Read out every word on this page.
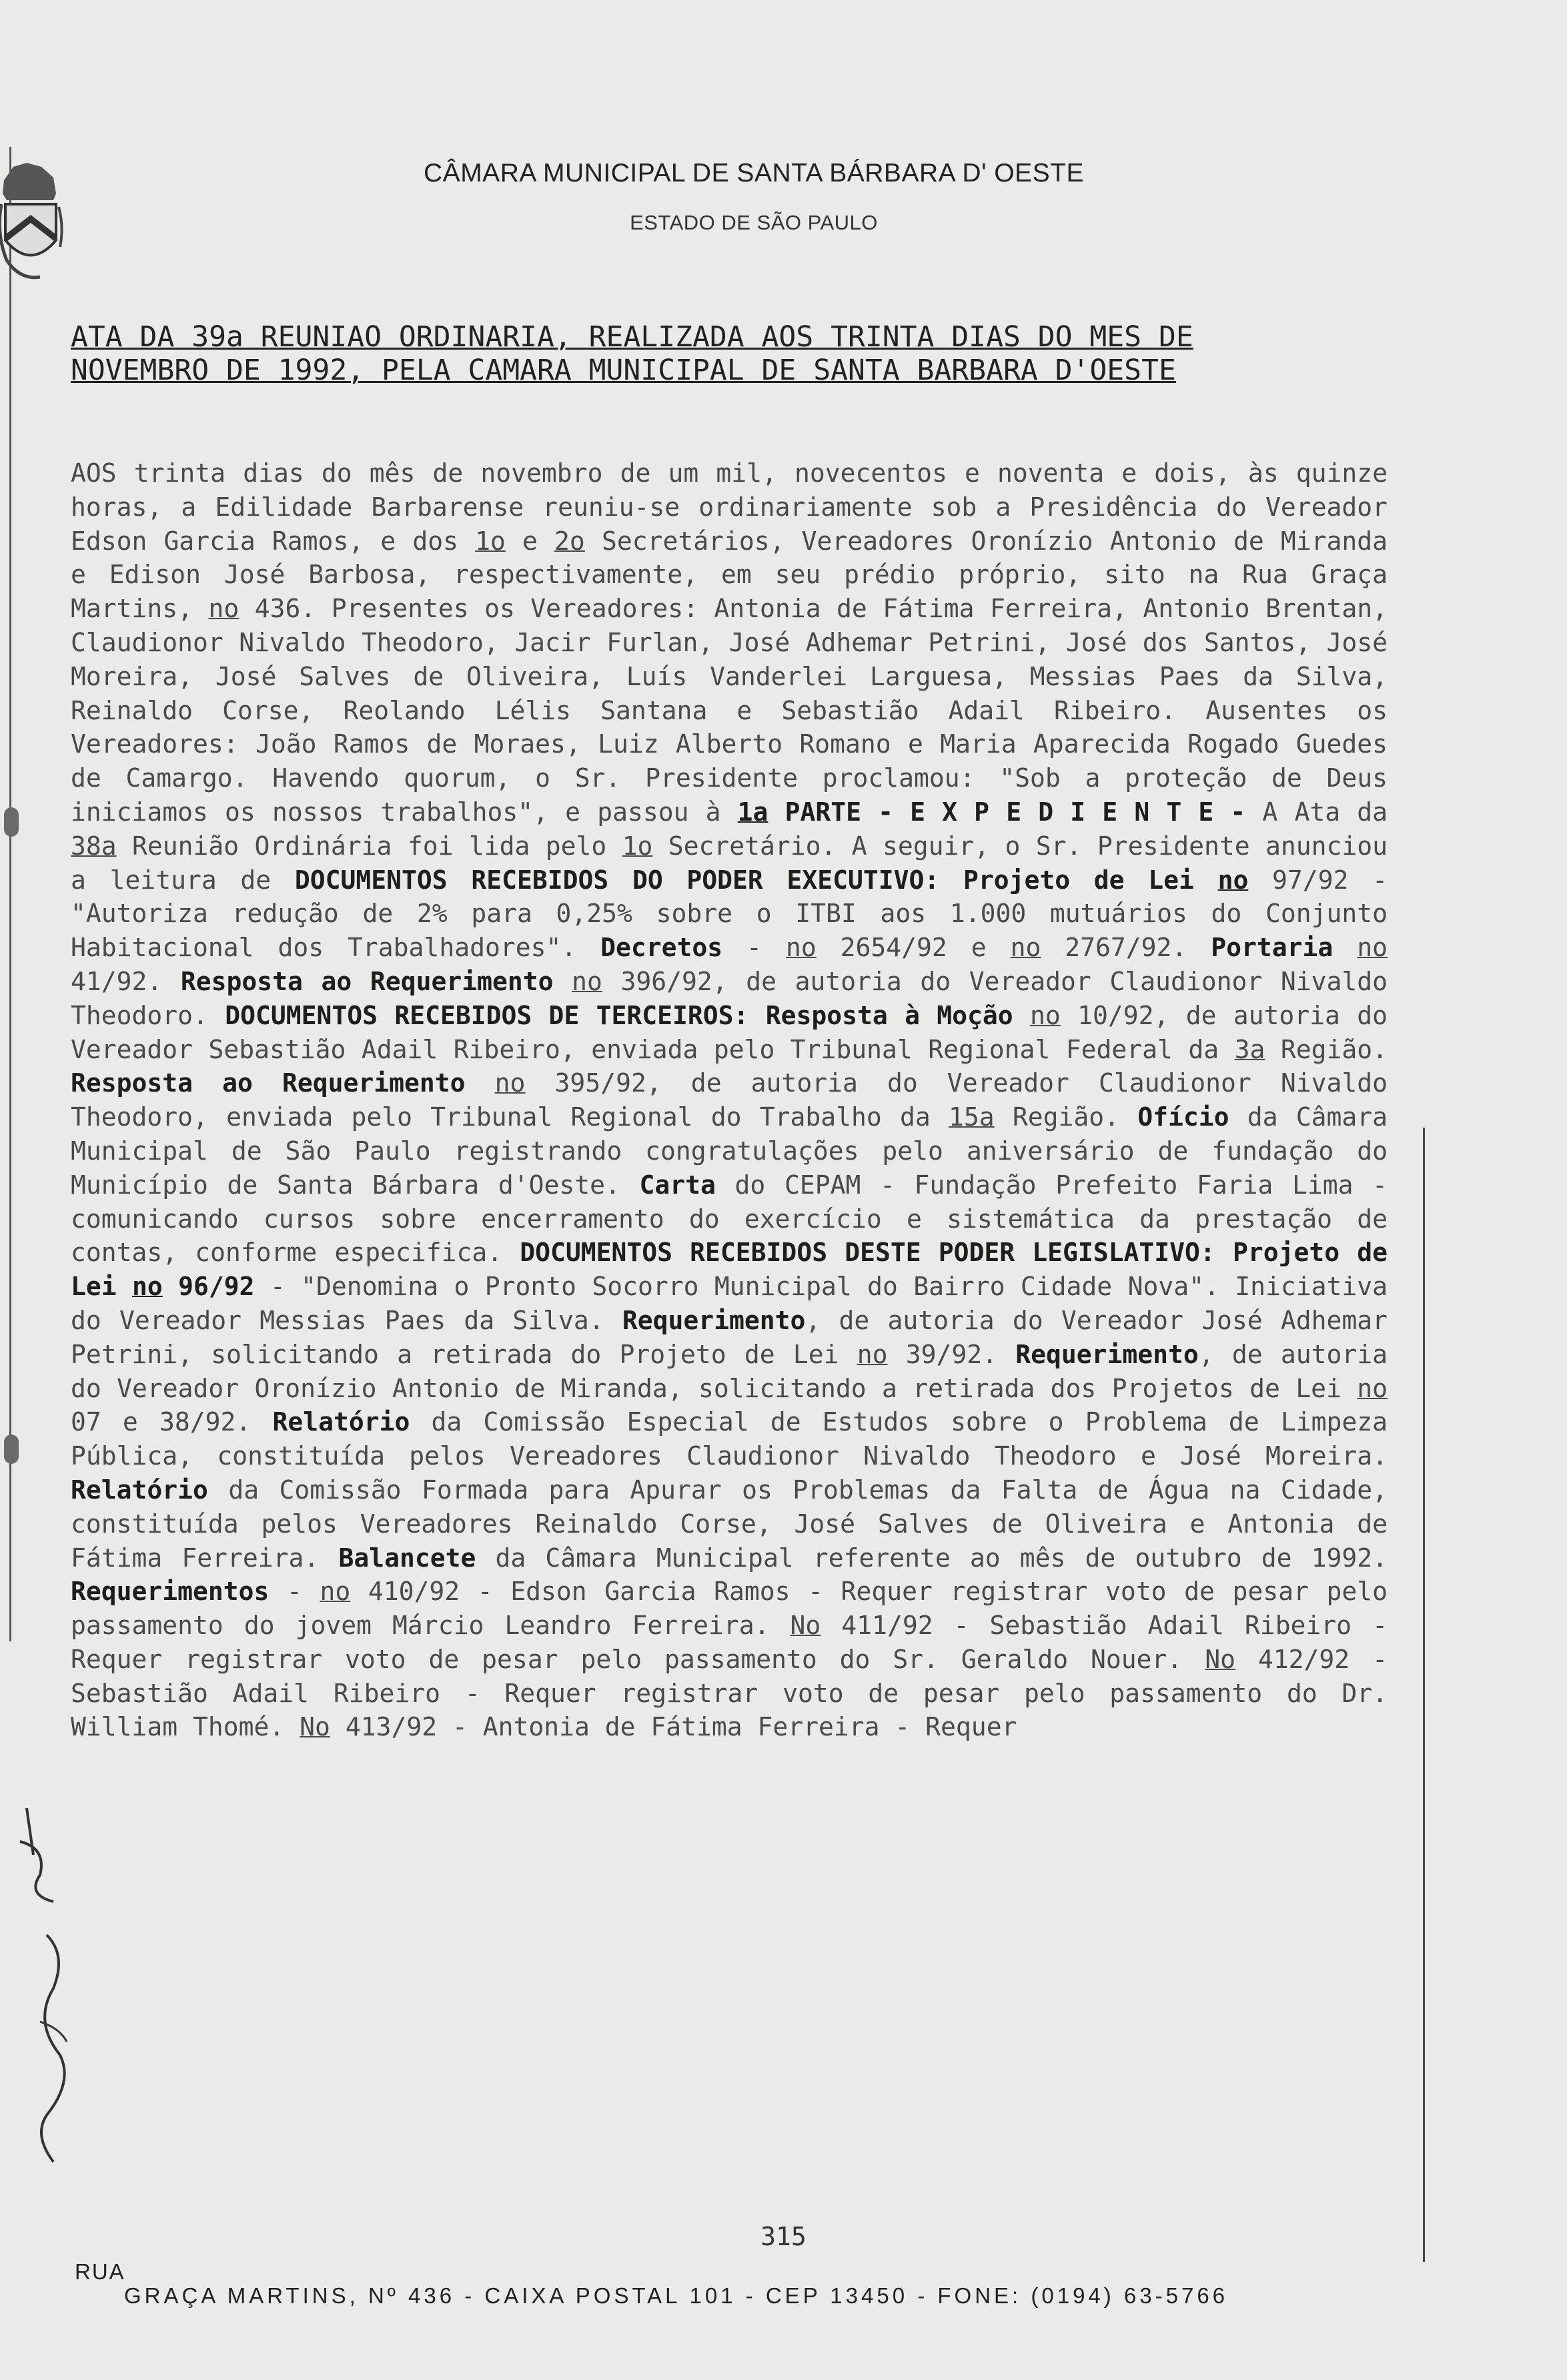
CÂMARA MUNICIPAL DE SANTA BÁRBARA D' OESTE
ESTADO DE SÃO PAULO
ATA DA 39a REUNIAO ORDINARIA, REALIZADA AOS TRINTA DIAS DO MES DE
NOVEMBRO DE 1992, PELA CAMARA MUNICIPAL DE SANTA BARBARA D'OESTE
AOS trinta dias do mês de novembro de um mil, novecentos e noventa e dois, às quinze horas, a Edilidade Barbarense reuniu-se ordinariamente sob a Presidência do Vereador Edson Garcia Ramos, e dos 1o e 2o Secretários, Vereadores Oronízio Antonio de Miranda e Edison José Barbosa, respectivamente, em seu prédio próprio, sito na Rua Graça Martins, no 436. Presentes os Vereadores: Antonia de Fátima Ferreira, Antonio Brentan, Claudionor Nivaldo Theodoro, Jacir Furlan, José Adhemar Petrini, José dos Santos, José Moreira, José Salves de Oliveira, Luís Vanderlei Larguesa, Messias Paes da Silva, Reinaldo Corse, Reolando Lélis Santana e Sebastião Adail Ribeiro. Ausentes os Vereadores: João Ramos de Moraes, Luiz Alberto Romano e Maria Aparecida Rogado Guedes de Camargo. Havendo quorum, o Sr. Presidente proclamou: "Sob a proteção de Deus iniciamos os nossos trabalhos", e passou à 1a PARTE - E X P E D I E N T E - A Ata da 38a Reunião Ordinária foi lida pelo 1o Secretário. A seguir, o Sr. Presidente anunciou a leitura de DOCUMENTOS RECEBIDOS DO PODER EXECUTIVO: Projeto de Lei no 97/92 - "Autoriza redução de 2% para 0,25% sobre o ITBI aos 1.000 mutuários do Conjunto Habitacional dos Trabalhadores". Decretos - no 2654/92 e no 2767/92. Portaria no 41/92. Resposta ao Requerimento no 396/92, de autoria do Vereador Claudionor Nivaldo Theodoro. DOCUMENTOS RECEBIDOS DE TERCEIROS: Resposta à Moção no 10/92, de autoria do Vereador Sebastião Adail Ribeiro, enviada pelo Tribunal Regional Federal da 3a Região. Resposta ao Requerimento no 395/92, de autoria do Vereador Claudionor Nivaldo Theodoro, enviada pelo Tribunal Regional do Trabalho da 15a Região. Ofício da Câmara Municipal de São Paulo registrando congratulações pelo aniversário de fundação do Município de Santa Bárbara d'Oeste. Carta do CEPAM - Fundação Prefeito Faria Lima - comunicando cursos sobre encerramento do exercício e sistemática da prestação de contas, conforme especifica. DOCUMENTOS RECEBIDOS DESTE PODER LEGISLATIVO: Projeto de Lei no 96/92 - "Denomina o Pronto Socorro Municipal do Bairro Cidade Nova". Iniciativa do Vereador Messias Paes da Silva. Requerimento, de autoria do Vereador José Adhemar Petrini, solicitando a retirada do Projeto de Lei no 39/92. Requerimento, de autoria do Vereador Oronízio Antonio de Miranda, solicitando a retirada dos Projetos de Lei no 07 e 38/92. Relatório da Comissão Especial de Estudos sobre o Problema de Limpeza Pública, constituída pelos Vereadores Claudionor Nivaldo Theodoro e José Moreira. Relatório da Comissão Formada para Apurar os Problemas da Falta de Água na Cidade, constituída pelos Vereadores Reinaldo Corse, José Salves de Oliveira e Antonia de Fátima Ferreira. Balancete da Câmara Municipal referente ao mês de outubro de 1992. Requerimentos - no 410/92 - Edson Garcia Ramos - Requer registrar voto de pesar pelo passamento do jovem Márcio Leandro Ferreira. No 411/92 - Sebastião Adail Ribeiro - Requer registrar voto de pesar pelo passamento do Sr. Geraldo Nouer. No 412/92 - Sebastião Adail Ribeiro - Requer registrar voto de pesar pelo passamento do Dr. William Thomé. No 413/92 - Antonia de Fátima Ferreira - Requer
315
RUA
GRAÇA MARTINS, Nº 436 - CAIXA POSTAL 101 - CEP 13450 - FONE: (0194) 63-5766
